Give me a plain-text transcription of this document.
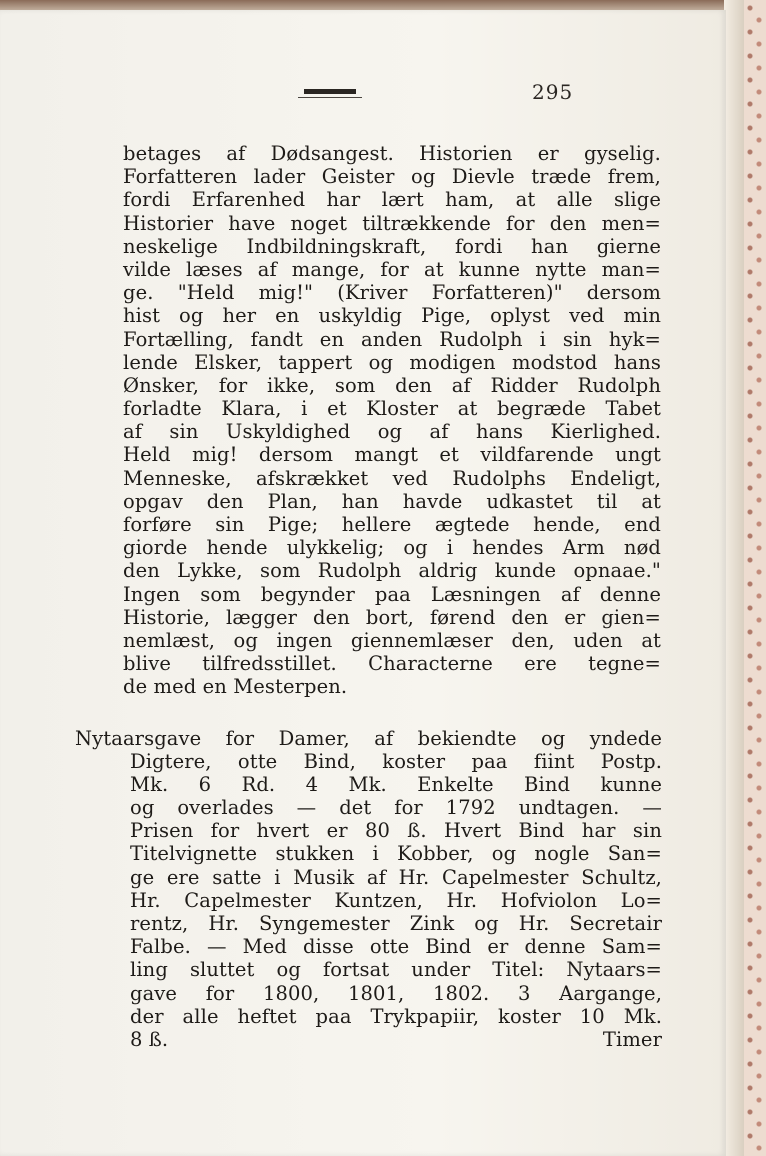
295
betages af Dødsangest. Historien er gyselig.
Forfatteren lader Geister og Dievle træde frem,
fordi Erfarenhed har lært ham, at alle slige
Historier have noget tiltrækkende for den men=
neskelige Indbildningskraft, fordi han gierne
vilde læses af mange, for at kunne nytte man=
ge. "Held mig!" (Kriver Forfatteren)" dersom
hist og her en uskyldig Pige, oplyst ved min
Fortælling, fandt en anden Rudolph i sin hyk=
lende Elsker, tappert og modigen modstod hans
Ønsker, for ikke, som den af Ridder Rudolph
forladte Klara, i et Kloster at begræde Tabet
af sin Uskyldighed og af hans Kierlighed.
Held mig! dersom mangt et vildfarende ungt
Menneske, afskrækket ved Rudolphs Endeligt,
opgav den Plan, han havde udkastet til at
forføre sin Pige; hellere ægtede hende, end
giorde hende ulykkelig; og i hendes Arm nød
den Lykke, som Rudolph aldrig kunde opnaae."
Ingen som begynder paa Læsningen af denne
Historie, lægger den bort, førend den er gien=
nemlæst, og ingen giennemlæser den, uden at
blive tilfredsstillet. Characterne ere tegne=
de med en Mesterpen.
Nytaarsgave for Damer, af bekiendte og yndede
Digtere, otte Bind, koster paa fiint Postp.
Mk. 6 Rd. 4 Mk. Enkelte Bind kunne
og overlades — det for 1792 undtagen. —
Prisen for hvert er 80 ß. Hvert Bind har sin
Titelvignette stukken i Kobber, og nogle San=
ge ere satte i Musik af Hr. Capelmester Schultz,
Hr. Capelmester Kuntzen, Hr. Hofviolon Lo=
rentz, Hr. Syngemester Zink og Hr. Secretair
Falbe. — Med disse otte Bind er denne Sam=
ling sluttet og fortsat under Titel: Nytaars=
gave for 1800, 1801, 1802. 3 Aargange,
der alle heftet paa Trykpapiir, koster 10 Mk.
8 ß.	Timer
